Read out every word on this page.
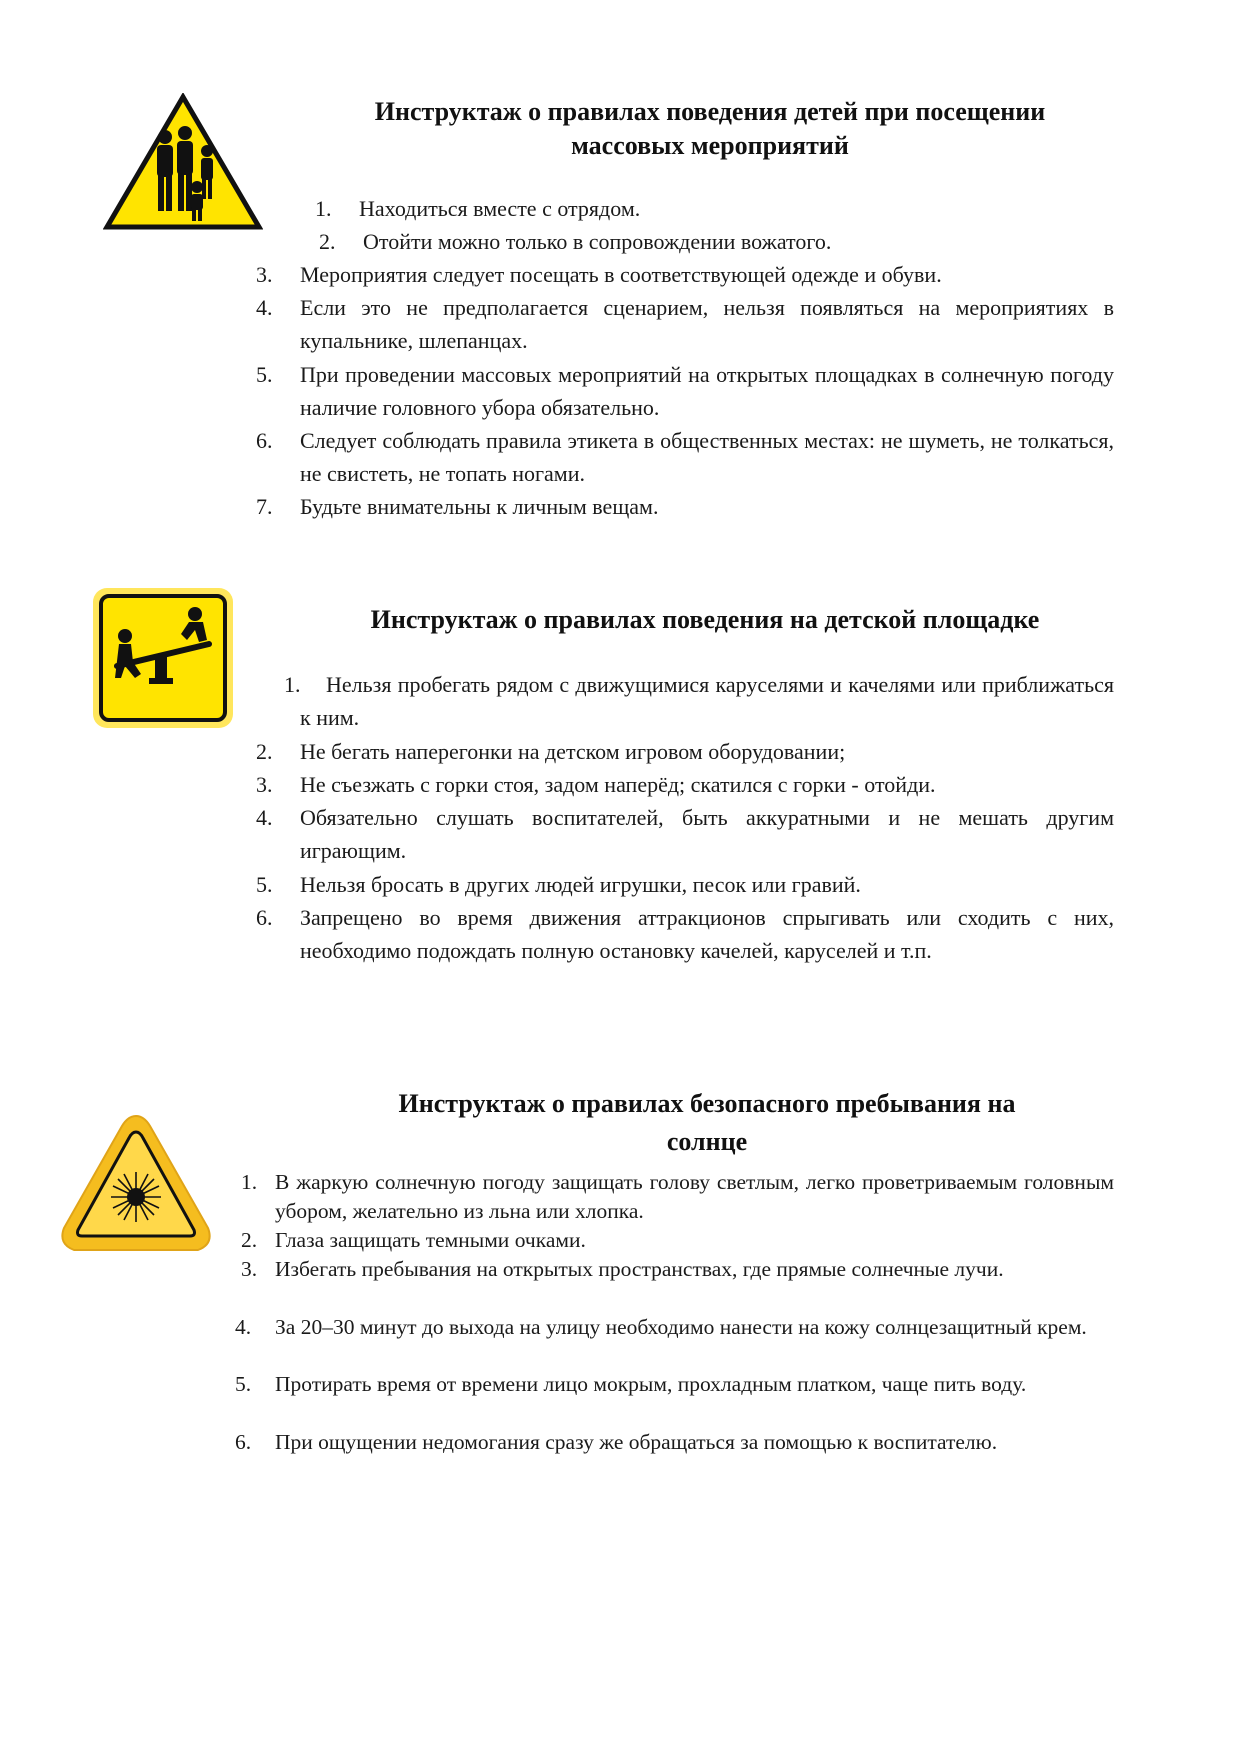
Инструктаж о правилах поведения детей при посещении
массовых мероприятий
1.	Находиться вместе с отрядом.
2.	Отойти можно только в сопровождении вожатого.
3.	Мероприятия следует посещать в соответствующей одежде и обуви.
4.	Если это не предполагается сценарием, нельзя появляться на мероприятиях в купальнике, шлепанцах.
5.	При проведении массовых мероприятий на открытых площадках в солнечную погоду наличие головного убора обязательно.
6.	Следует соблюдать правила этикета в общественных местах: не шуметь, не толкаться, не свистеть, не топать ногами.
7.	Будьте внимательны к личным вещам.
Инструктаж о правилах поведения на детской площадке
1.	Нельзя пробегать рядом с движущимися каруселями и качелями или приближаться к ним.
2.	Не бегать наперегонки на детском игровом оборудовании;
3.	Не съезжать с горки стоя, задом наперёд; скатился с горки - отойди.
4.	Обязательно слушать воспитателей, быть аккуратными и не мешать другим играющим.
5.	Нельзя бросать в других людей игрушки, песок или гравий.
6.	Запрещено во время движения аттракционов спрыгивать или сходить с них, необходимо подождать полную остановку качелей, каруселей и т.п.
Инструктаж о правилах безопасного пребывания на
солнце
1. В жаркую солнечную погоду защищать голову светлым, легко проветриваемым головным убором, желательно из льна или хлопка.
2. Глаза защищать темными очками.
3. Избегать пребывания на открытых пространствах, где прямые солнечные лучи.
4.	За 20–30 минут до выхода на улицу необходимо нанести на кожу солнцезащитный крем.
5.	Протирать время от времени лицо мокрым, прохладным платком, чаще пить воду.
6.	При ощущении недомогания сразу же обращаться за помощью к воспитателю.
